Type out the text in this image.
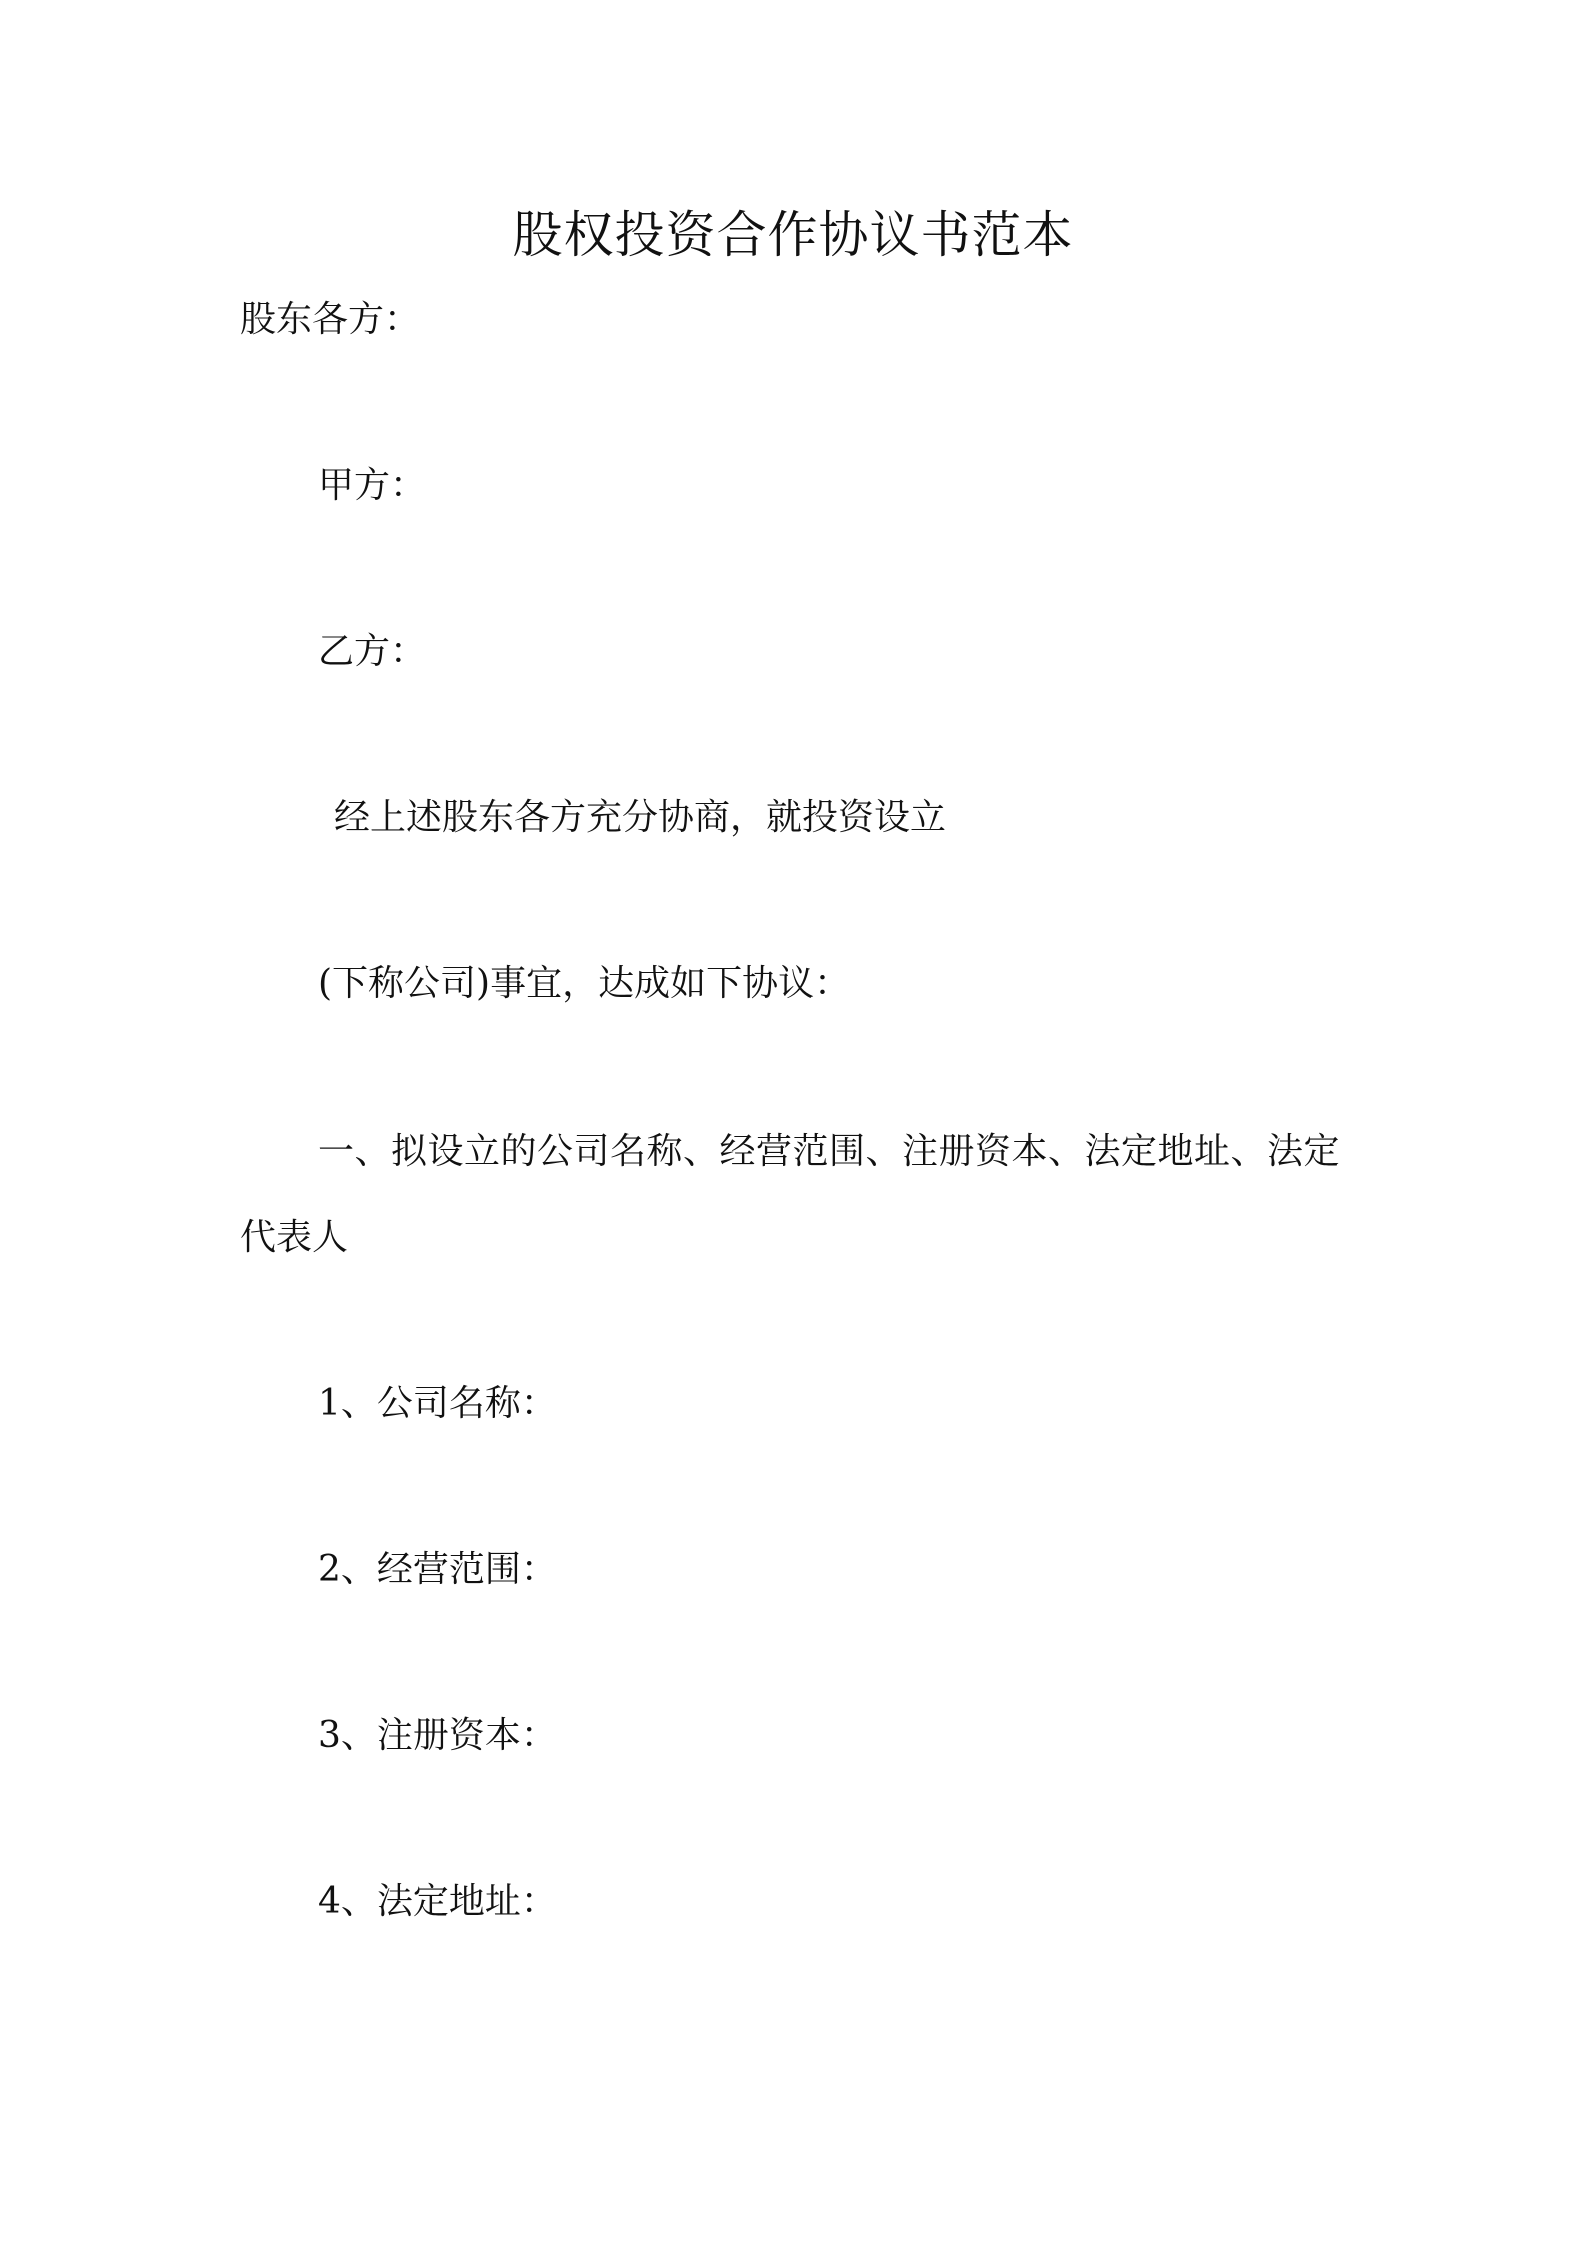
股权投资合作协议书范本

股东各方：

甲方：

乙方：

经上述股东各方充分协商，就投资设立

(下称公司)事宜，达成如下协议：

一、拟设立的公司名称、经营范围、注册资本、法定地址、法定

代表人

1、公司名称：

2、经营范围：

3、注册资本：

4、法定地址：
